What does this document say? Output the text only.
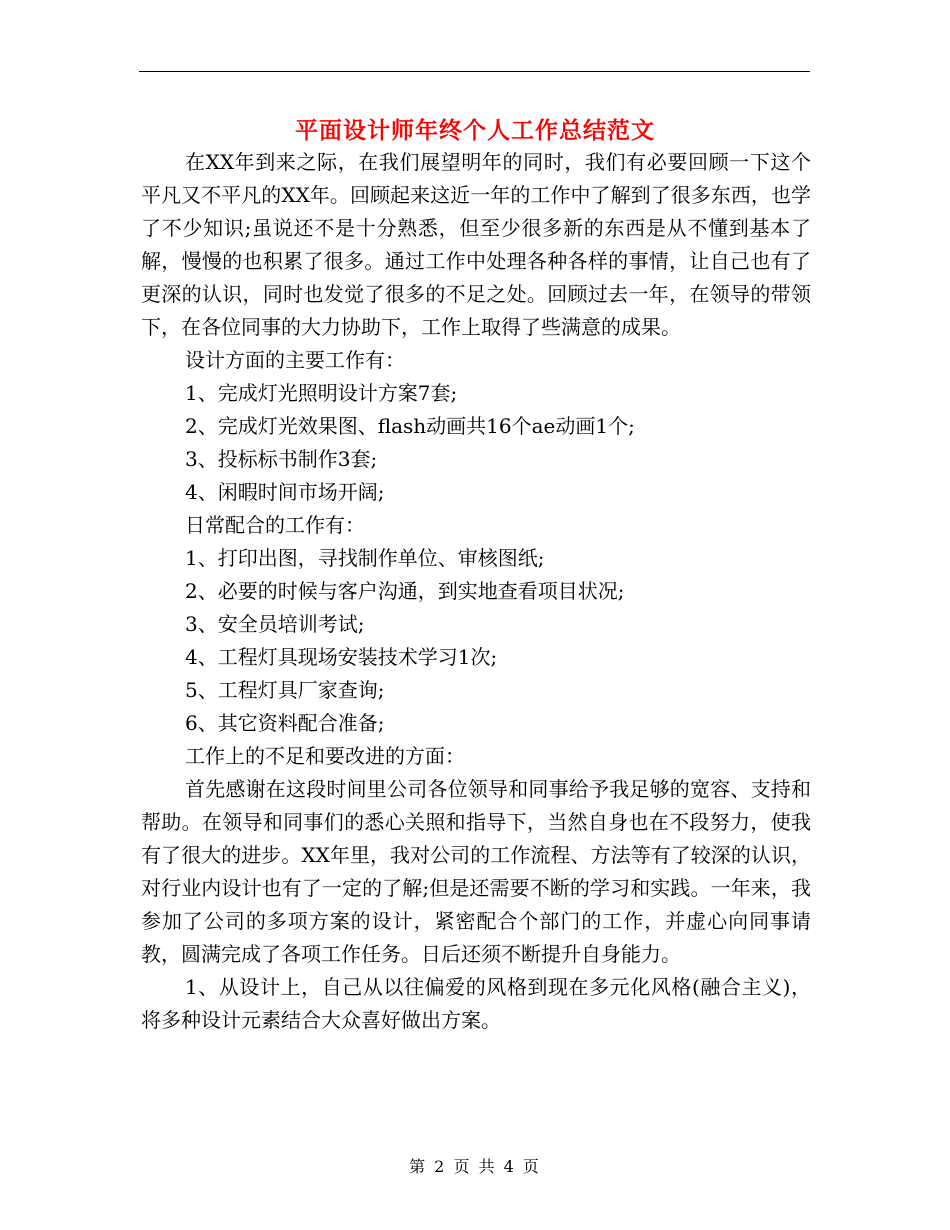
平面设计师年终个人工作总结范文

在XX年到来之际，在我们展望明年的同时，我们有必要回顾一下这个平凡又不平凡的XX年。回顾起来这近一年的工作中了解到了很多东西，也学了不少知识;虽说还不是十分熟悉，但至少很多新的东西是从不懂到基本了解，慢慢的也积累了很多。通过工作中处理各种各样的事情，让自己也有了更深的认识，同时也发觉了很多的不足之处。回顾过去一年，在领导的带领下，在各位同事的大力协助下，工作上取得了些满意的成果。

设计方面的主要工作有：

1、完成灯光照明设计方案7套;

2、完成灯光效果图、flash动画共16个ae动画1个;

3、投标标书制作3套;

4、闲暇时间市场开阔;

日常配合的工作有：

1、打印出图，寻找制作单位、审核图纸;

2、必要的时候与客户沟通，到实地查看项目状况;

3、安全员培训考试;

4、工程灯具现场安装技术学习1次;

5、工程灯具厂家查询;

6、其它资料配合准备;

工作上的不足和要改进的方面：

首先感谢在这段时间里公司各位领导和同事给予我足够的宽容、支持和帮助。在领导和同事们的悉心关照和指导下，当然自身也在不段努力，使我有了很大的进步。XX年里，我对公司的工作流程、方法等有了较深的认识，对行业内设计也有了一定的了解;但是还需要不断的学习和实践。一年来，我参加了公司的多项方案的设计，紧密配合个部门的工作，并虚心向同事请教，圆满完成了各项工作任务。日后还须不断提升自身能力。

1、从设计上，自己从以往偏爱的风格到现在多元化风格(融合主义)，将多种设计元素结合大众喜好做出方案。

第 2 页 共 4 页
